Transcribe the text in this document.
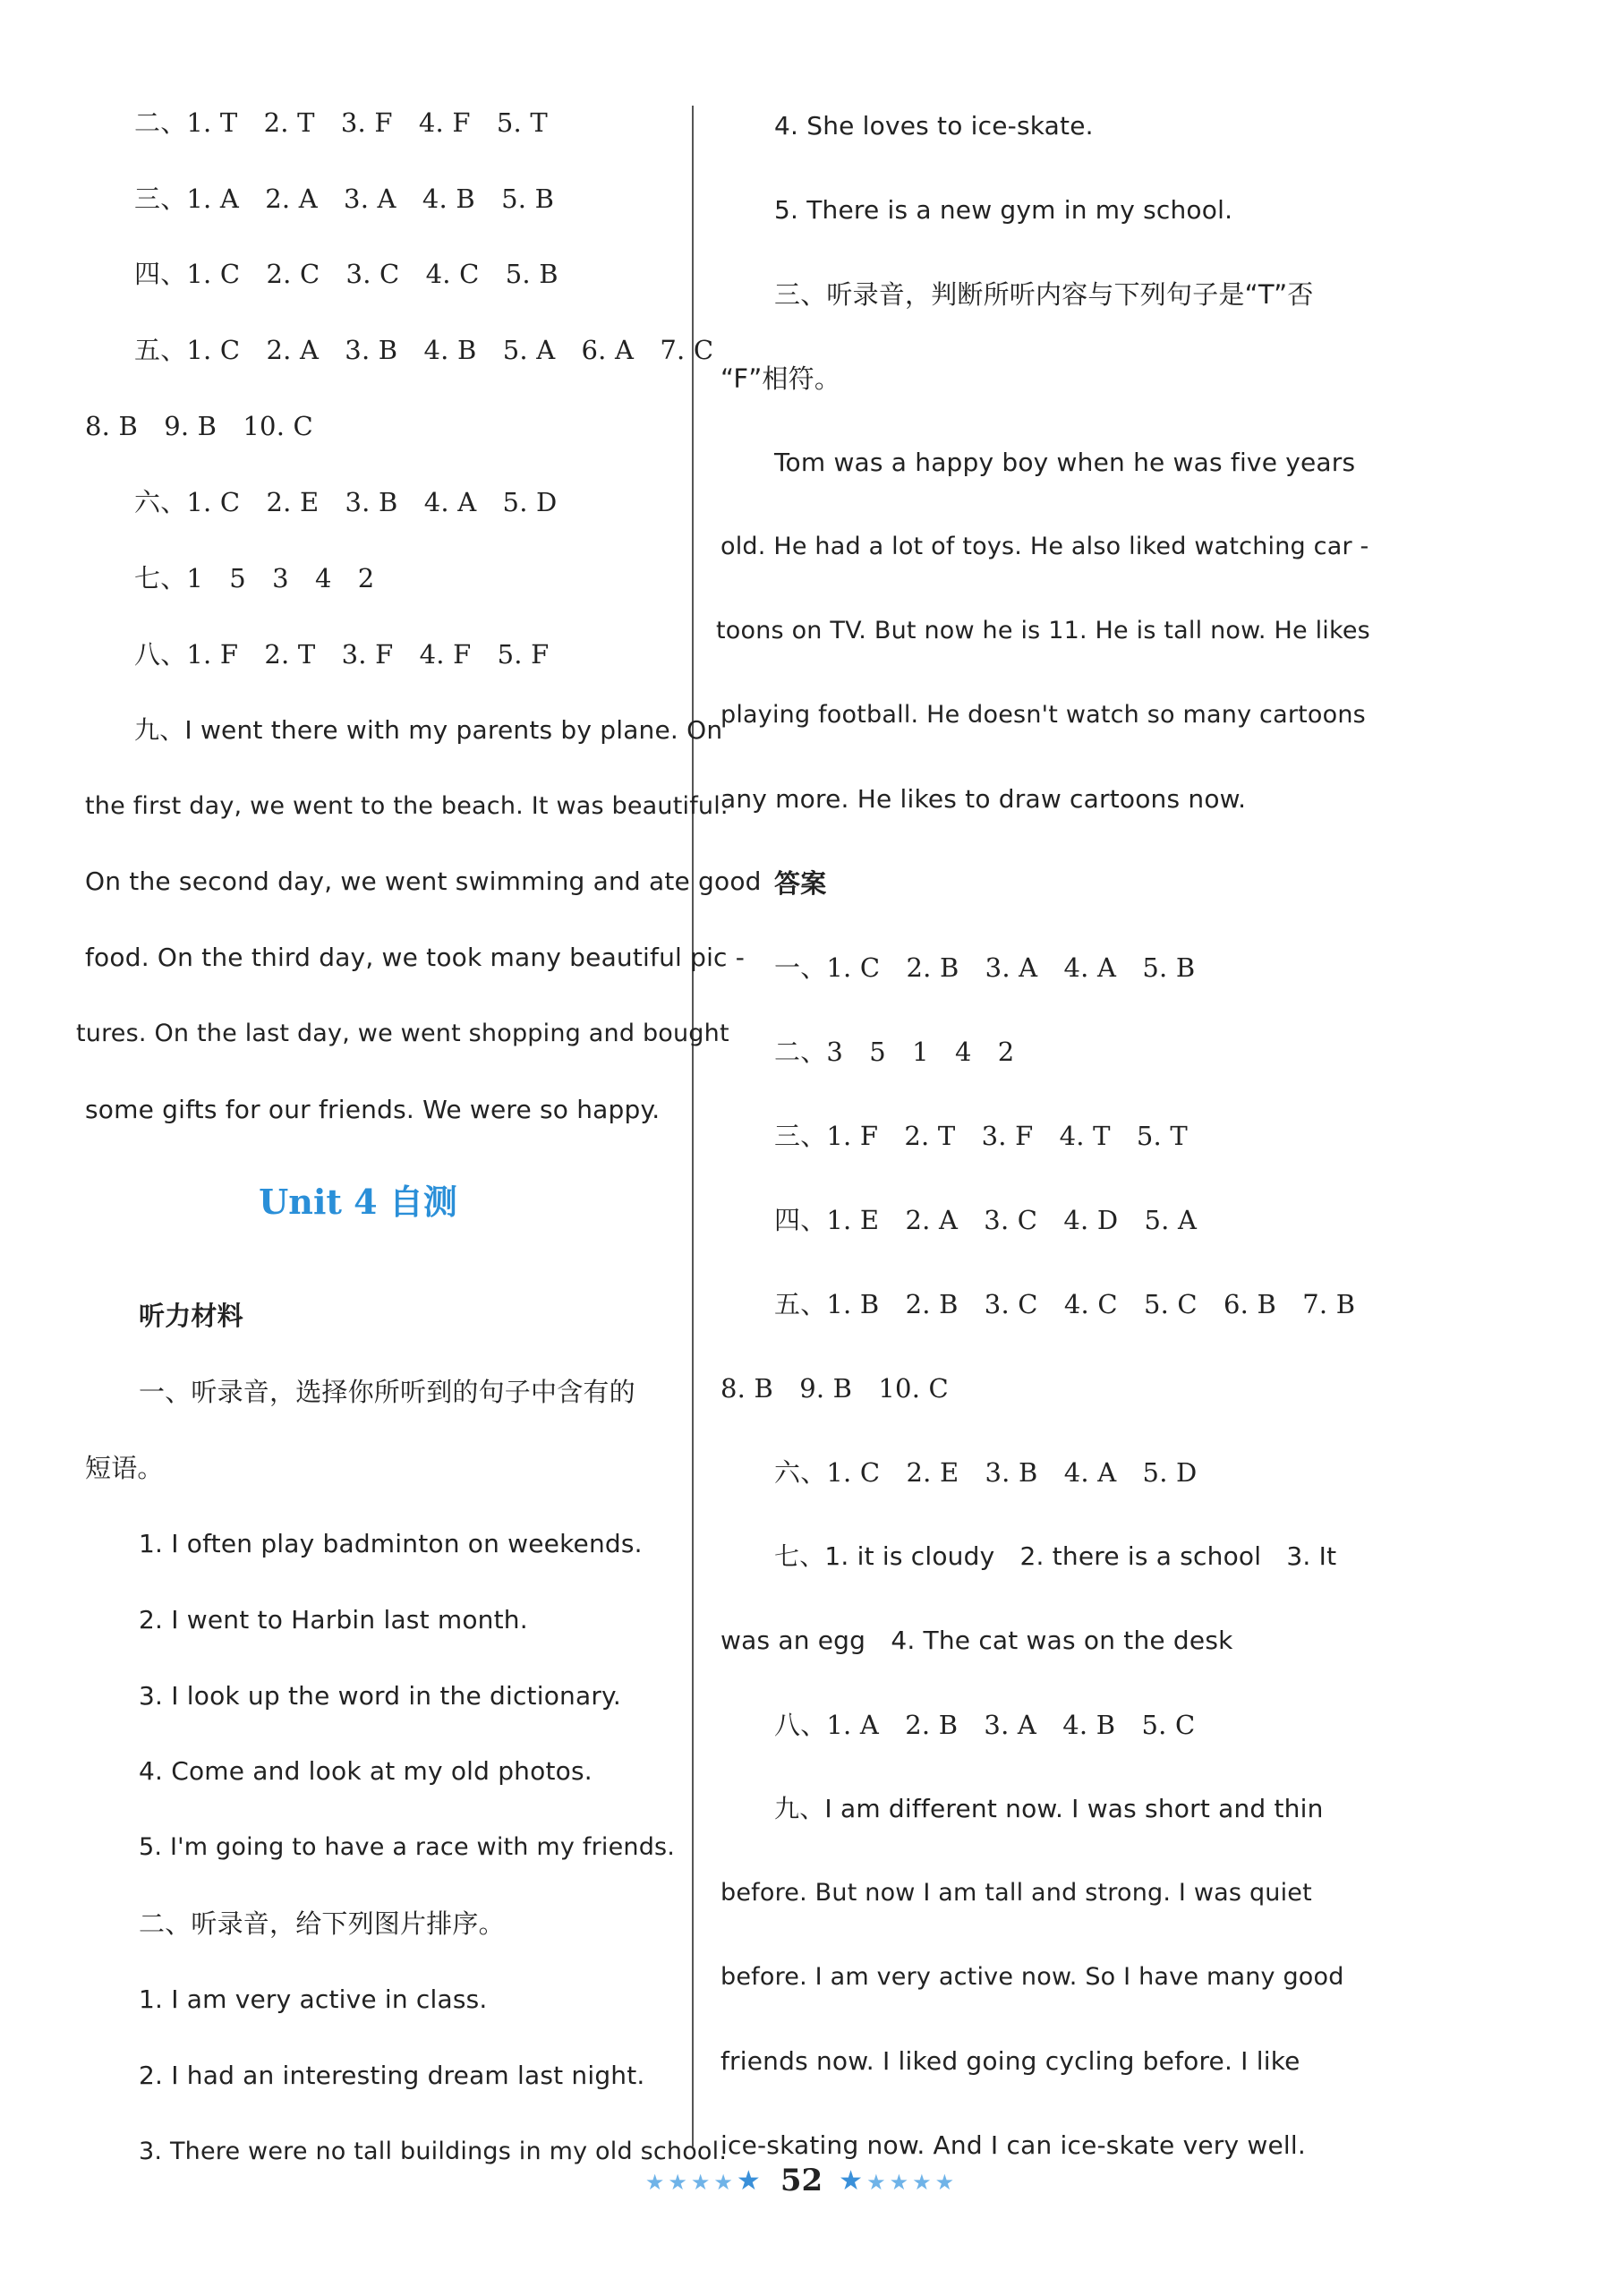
二、1. T　2. T　3. F　4. F　5. T
三、1. A　2. A　3. A　4. B　5. B
四、1. C　2. C　3. C　4. C　5. B
五、1. C　2. A　3. B　4. B　5. A　6. A　7. C
8. B　9. B　10. C
六、1. C　2. E　3. B　4. A　5. D
七、1　5　3　4　2
八、1. F　2. T　3. F　4. F　5. F
九、I went there with my parents by plane. On
the first day, we went to the beach. It was beautiful.
On the second day, we went swimming and ate good
food. On the third day, we took many beautiful pic -
tures. On the last day, we went shopping and bought
some gifts for our friends. We were so happy.
Unit 4 自测
听力材料
一、听录音，选择你所听到的句子中含有的
短语。
1. I often play badminton on weekends.
2. I went to Harbin last month.
3. I look up the word in the dictionary.
4. Come and look at my old photos.
5. I'm going to have a race with my friends.
二、听录音，给下列图片排序。
1. I am very active in class.
2. I had an interesting dream last night.
3. There were no tall buildings in my old school.
4. She loves to ice-skate.
5. There is a new gym in my school.
三、听录音，判断所听内容与下列句子是“T”否
“F”相符。
Tom was a happy boy when he was five years
old. He had a lot of toys. He also liked watching car -
toons on TV. But now he is 11. He is tall now. He likes
playing football. He doesn't watch so many cartoons
any more. He likes to draw cartoons now.
答案
一、1. C　2. B　3. A　4. A　5. B
二、3　5　1　4　2
三、1. F　2. T　3. F　4. T　5. T
四、1. E　2. A　3. C　4. D　5. A
五、1. B　2. B　3. C　4. C　5. C　6. B　7. B
8. B　9. B　10. C
六、1. C　2. E　3. B　4. A　5. D
七、1. it is cloudy　2. there is a school　3. It
was an egg　4. The cat was on the desk
八、1. A　2. B　3. A　4. B　5. C
九、I am different now. I was short and thin
before. But now I am tall and strong. I was quiet
before. I am very active now. So I have many good
friends now. I liked going cycling before. I like
ice-skating now. And I can ice-skate very well.
★★★★★ 52 ★★★★★
